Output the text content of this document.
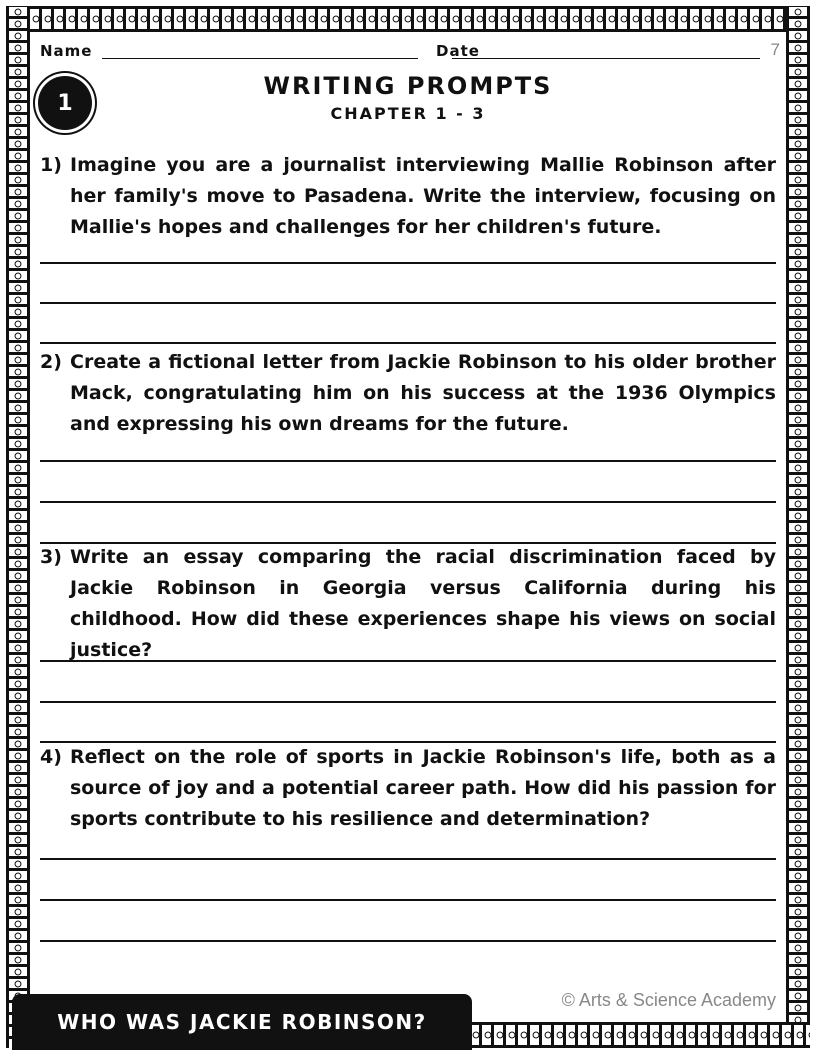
Name	Date	7
1
WRITING PROMPTS
CHAPTER 1 - 3
1) Imagine you are a journalist interviewing Mallie Robinson after her family's move to Pasadena. Write the interview, focusing on Mallie's hopes and challenges for her children's future.
2) Create a fictional letter from Jackie Robinson to his older brother Mack, congratulating him on his success at the 1936 Olympics and expressing his own dreams for the future.
3) Write an essay comparing the racial discrimination faced by Jackie Robinson in Georgia versus California during his childhood. How did these experiences shape his views on social justice?
4) Reflect on the role of sports in Jackie Robinson's life, both as a source of joy and a potential career path. How did his passion for sports contribute to his resilience and determination?
© Arts & Science Academy
WHO WAS JACKIE ROBINSON?
